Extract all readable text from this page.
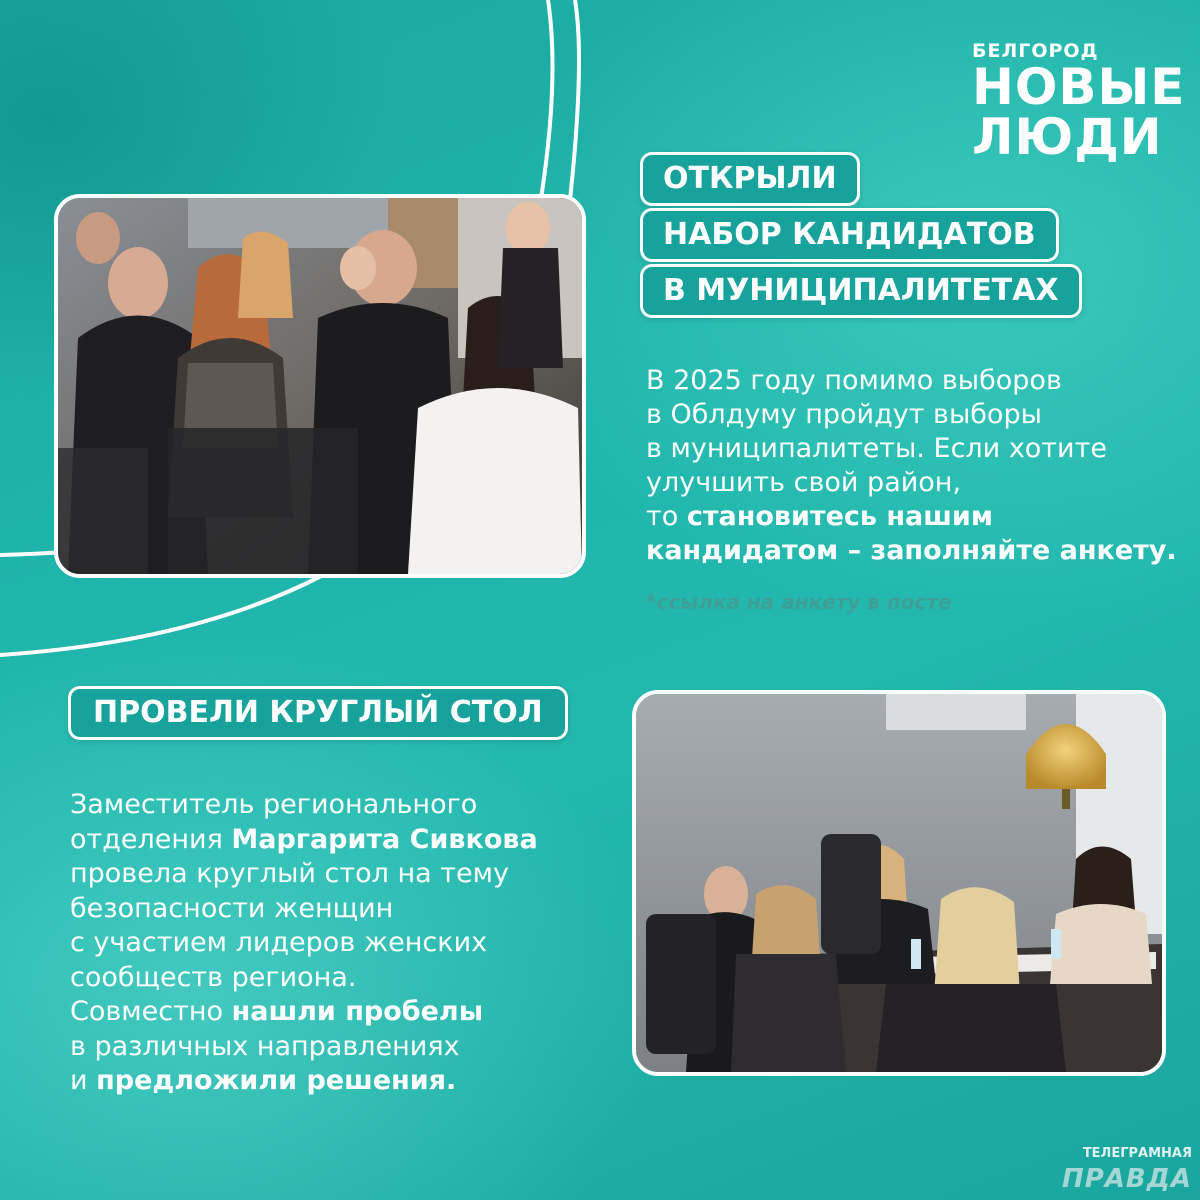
БЕЛГОРОД
НОВЫЕ
ЛЮДИ
ОТКРЫЛИ
НАБОР КАНДИДАТОВ
В МУНИЦИПАЛИТЕТАХ
В 2025 году помимо выборов
в Облдуму пройдут выборы
в муниципалитеты. Если хотите
улучшить свой район,
то становитесь нашим
кандидатом – заполняйте анкету.
*ссылка на анкету в посте
ПРОВЕЛИ КРУГЛЫЙ СТОЛ
Заместитель регионального
отделения Маргарита Сивкова
провела круглый стол на тему
безопасности женщин
с участием лидеров женских
сообществ региона.
Совместно нашли пробелы
в различных направлениях
и предложили решения.
ТЕЛЕГРАМНАЯ
ПРАВДА
